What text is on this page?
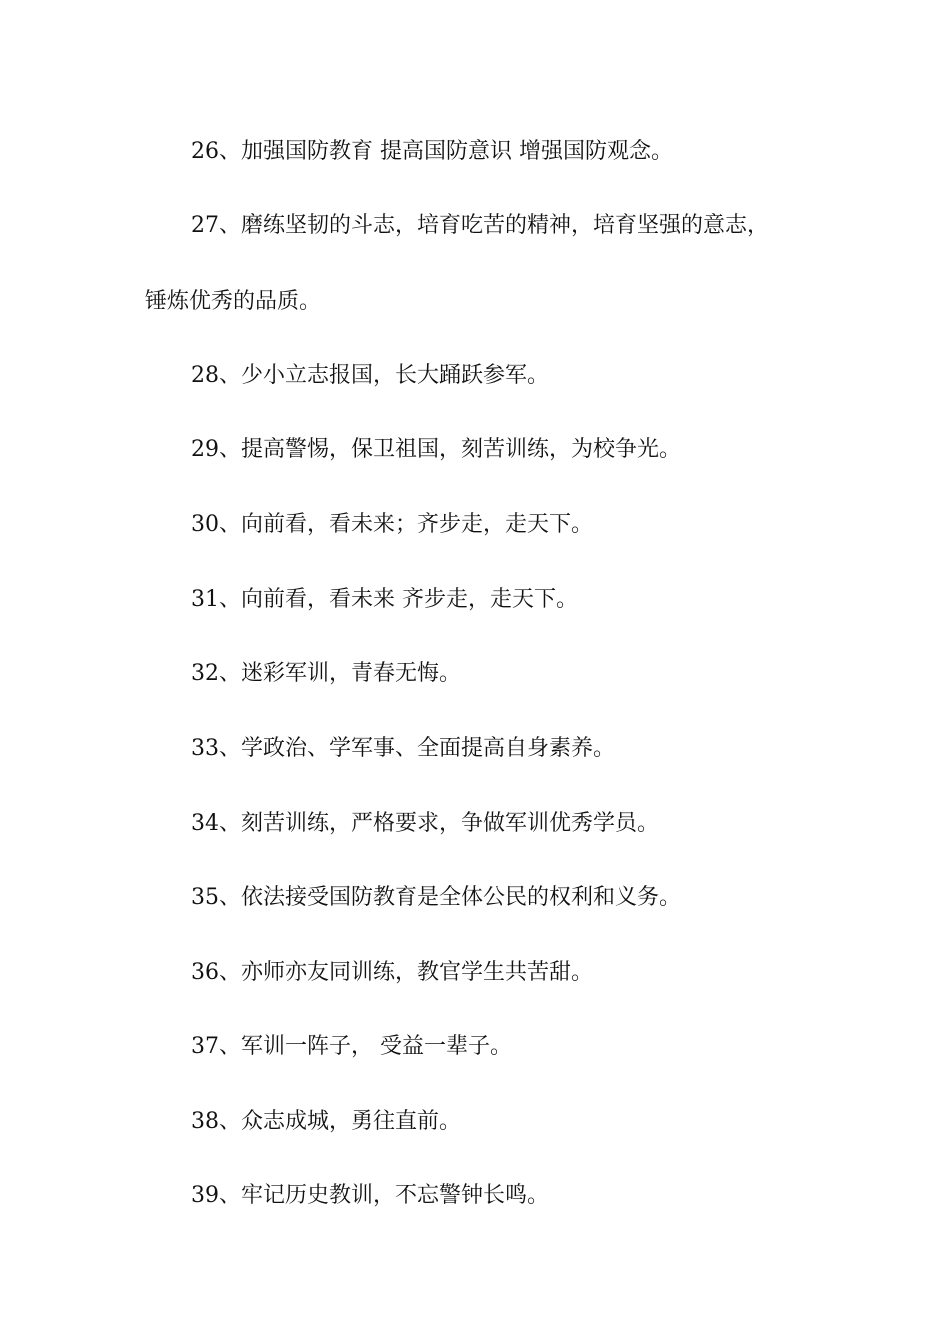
26、加强国防教育 提高国防意识 增强国防观念。
27、磨练坚韧的斗志，培育吃苦的精神，培育坚强的意志，
锤炼优秀的品质。
28、少小立志报国，长大踊跃参军。
29、提高警惕，保卫祖国，刻苦训练，为校争光。
30、向前看，看未来；齐步走，走天下。
31、向前看，看未来 齐步走，走天下。
32、迷彩军训，青春无悔。
33、学政治、学军事、全面提高自身素养。
34、刻苦训练，严格要求，争做军训优秀学员。
35、依法接受国防教育是全体公民的权利和义务。
36、亦师亦友同训练，教官学生共苦甜。
37、军训一阵子， 受益一辈子。
38、众志成城，勇往直前。
39、牢记历史教训，不忘警钟长鸣。
